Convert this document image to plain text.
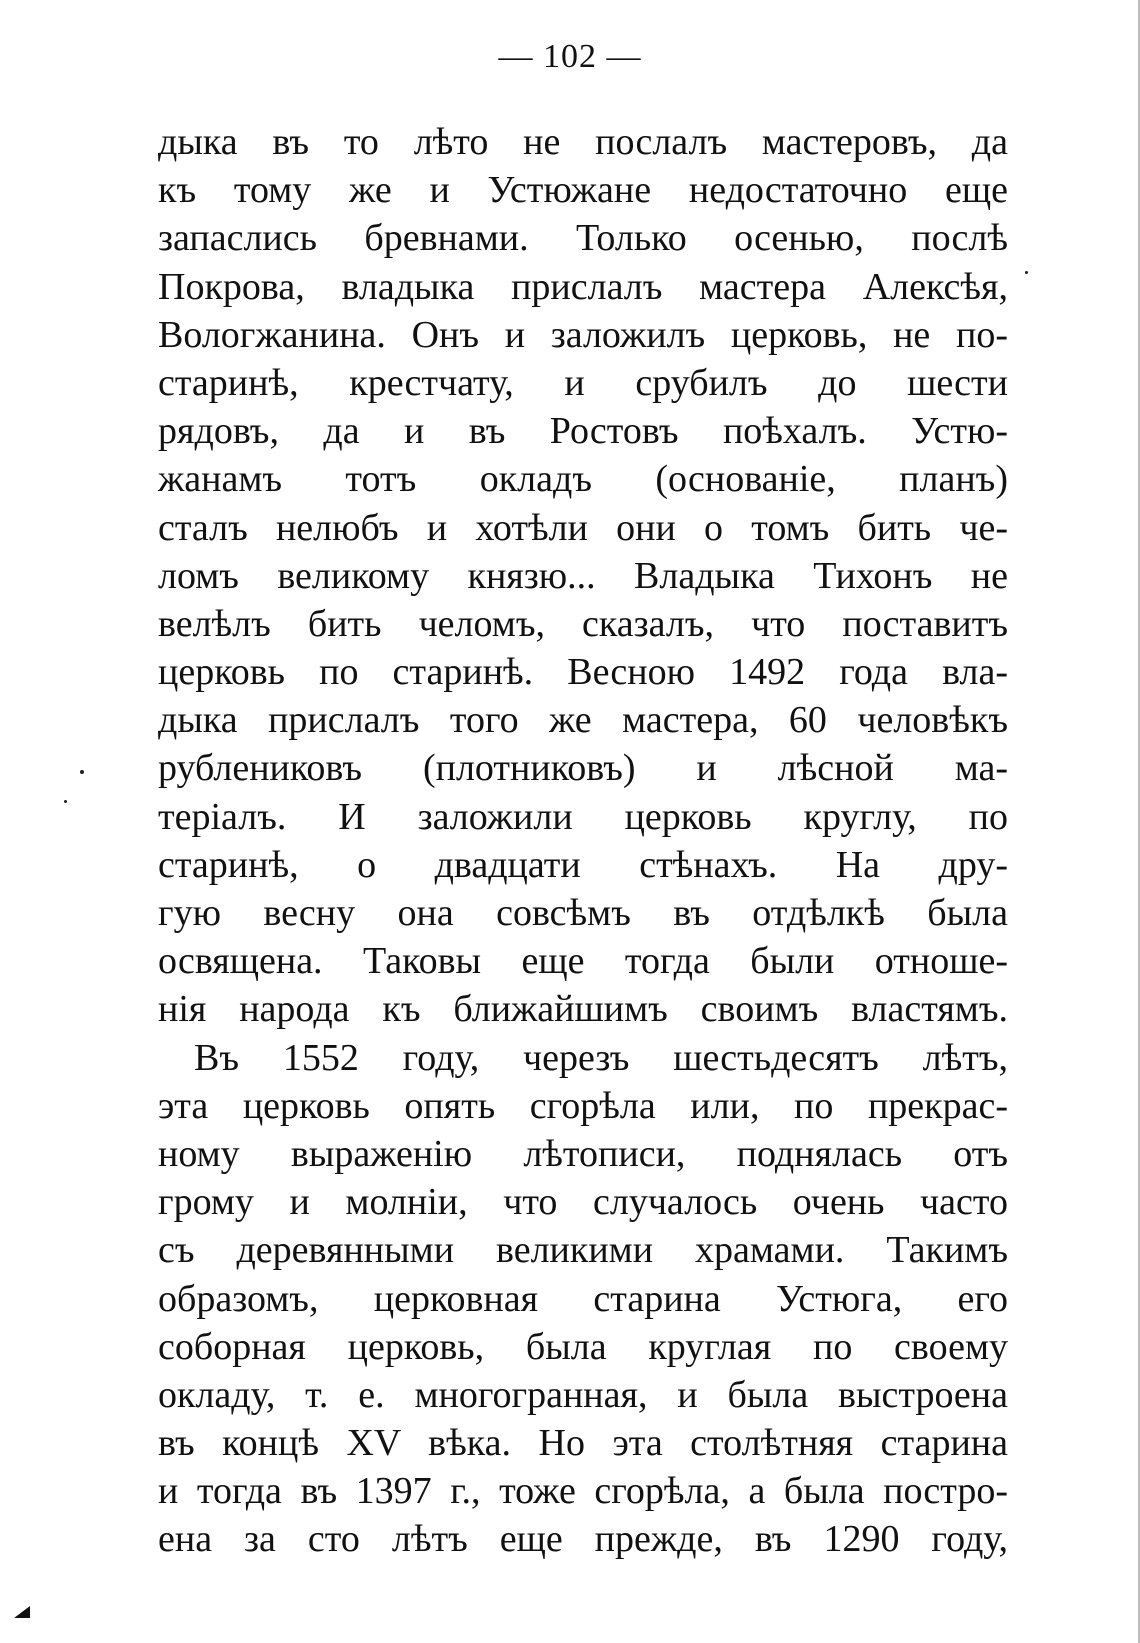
— 102 —
дыка въ то лѣто не послалъ мастеровъ, да
къ тому же и Устюжане недостаточно еще
запаслись бревнами. Только осенью, послѣ
Покрова, владыка прислалъ мастера Алексѣя,
Вологжанина. Онъ и заложилъ церковь, не по-
старинѣ, крестчату, и срубилъ до шести
рядовъ, да и въ Ростовъ поѣхалъ. Устю-
жанамъ тотъ окладъ (основаніе, планъ)
сталъ нелюбъ и хотѣли они о томъ бить че-
ломъ великому князю... Владыка Тихонъ не
велѣлъ бить челомъ, сказалъ, что поставитъ
церковь по старинѣ. Весною 1492 года вла-
дыка прислалъ того же мастера, 60 человѣкъ
рублениковъ (плотниковъ) и лѣсной ма-
теріалъ. И заложили церковь круглу, по
старинѣ, о двадцати стѣнахъ. На дру-
гую весну она совсѣмъ въ отдѣлкѣ была
освящена. Таковы еще тогда были отноше-
нія народа къ ближайшимъ своимъ властямъ.
Въ 1552 году, черезъ шестьдесятъ лѣтъ,
эта церковь опять сгорѣла или, по прекрас-
ному выраженію лѣтописи, поднялась отъ
грому и молніи, что случалось очень часто
съ деревянными великими храмами. Такимъ
образомъ, церковная старина Устюга, его
соборная церковь, была круглая по своему
окладу, т. е. многогранная, и была выстроена
въ концѣ XV вѣка. Но эта столѣтняя старина
и тогда въ 1397 г., тоже сгорѣла, а была постро-
ена за сто лѣтъ еще прежде, въ 1290 году,
